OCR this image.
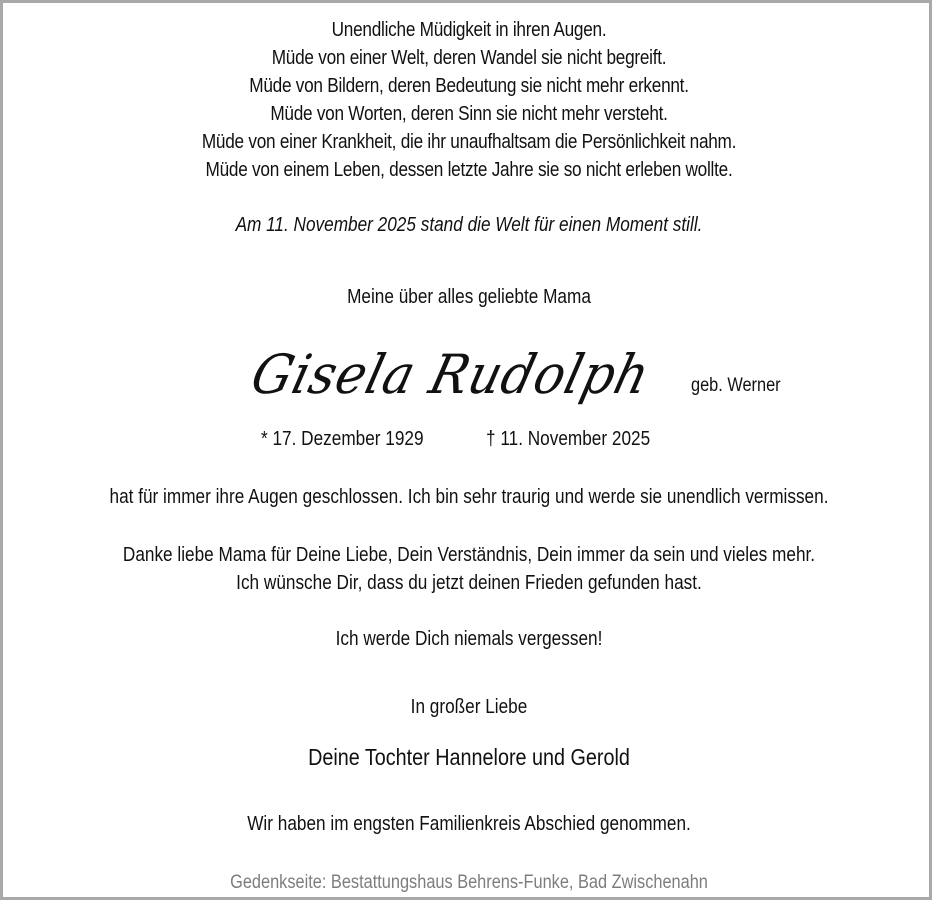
Unendliche Müdigkeit in ihren Augen.
Müde von einer Welt, deren Wandel sie nicht begreift.
Müde von Bildern, deren Bedeutung sie nicht mehr erkennt.
Müde von Worten, deren Sinn sie nicht mehr versteht.
Müde von einer Krankheit, die ihr unaufhaltsam die Persönlichkeit nahm.
Müde von einem Leben, dessen letzte Jahre sie so nicht erleben wollte.
Am 11. November 2025 stand die Welt für einen Moment still.
Meine über alles geliebte Mama
Gisela Rudolph geb. Werner
* 17. Dezember 1929	† 11. November 2025
hat für immer ihre Augen geschlossen. Ich bin sehr traurig und werde sie unendlich vermissen.
Danke liebe Mama für Deine Liebe, Dein Verständnis, Dein immer da sein und vieles mehr.
Ich wünsche Dir, dass du jetzt deinen Frieden gefunden hast.
Ich werde Dich niemals vergessen!
In großer Liebe
Deine Tochter Hannelore und Gerold
Wir haben im engsten Familienkreis Abschied genommen.
Gedenkseite: Bestattungshaus Behrens-Funke, Bad Zwischenahn
